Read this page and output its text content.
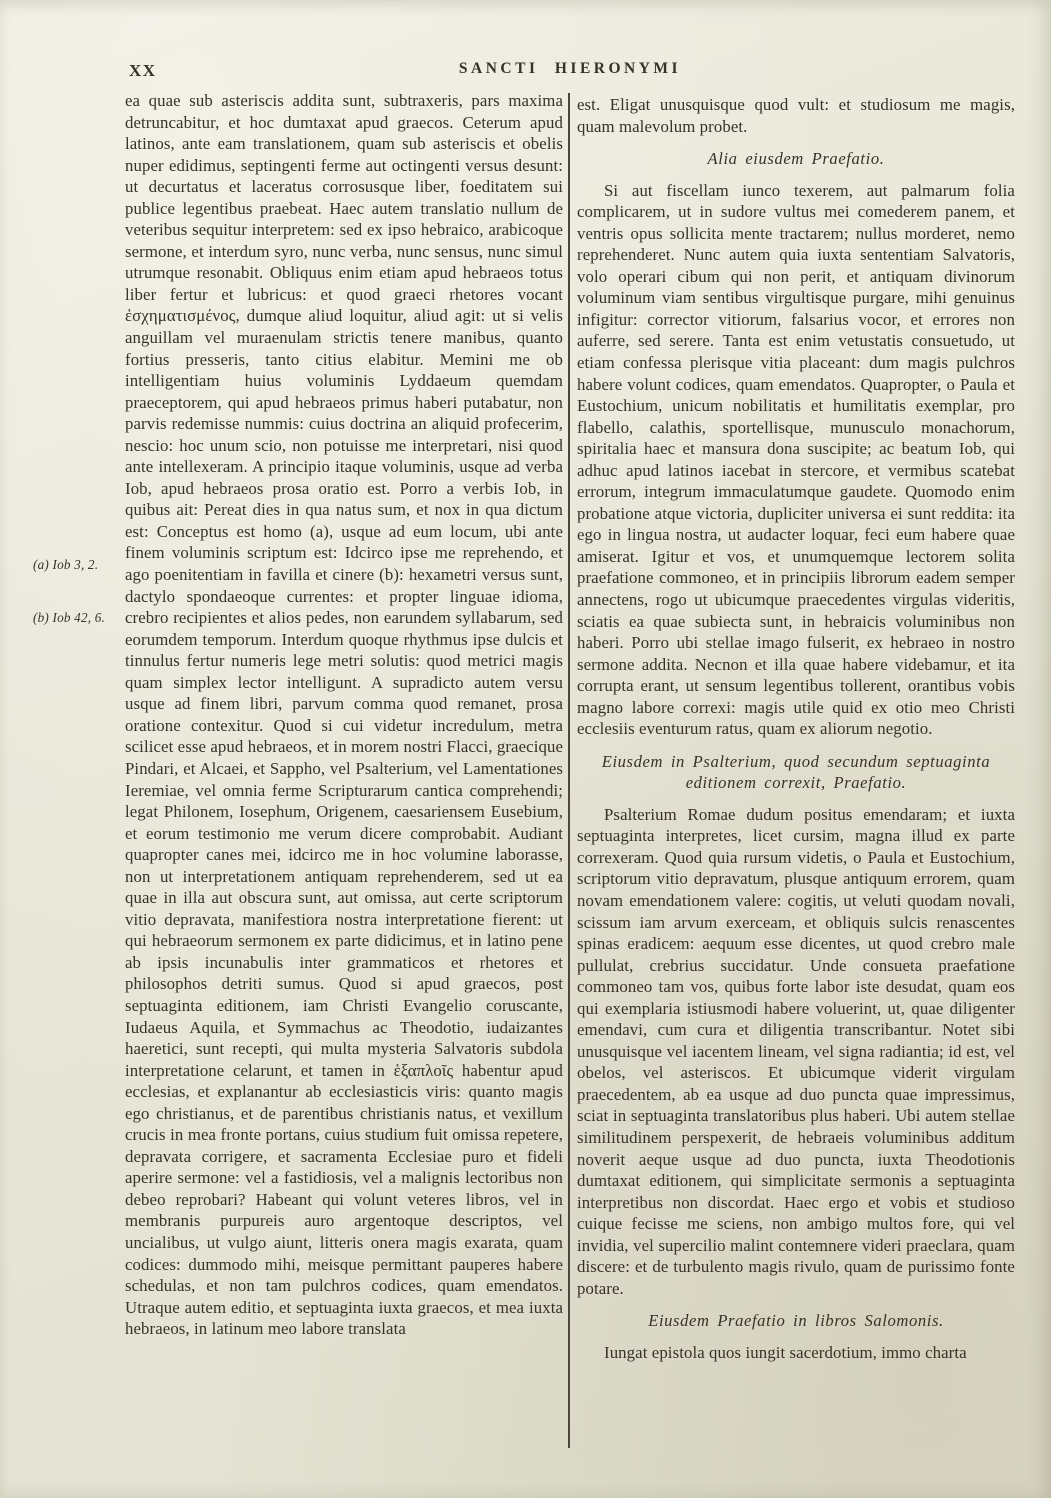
XX	SANCTI HIERONYMI
(a) Iob 3, 2.
(b) Iob 42, 6.

ea quae sub asteriscis addita sunt, subtraxeris, pars maxima detruncabitur, et hoc dumtaxat apud graecos. Ceterum apud latinos, ante eam translationem, quam sub asteriscis et obelis nuper edidimus, septingenti ferme aut octingenti versus desunt: ut decurtatus et laceratus corrosusque liber, foeditatem sui publice legentibus praebeat. Haec autem translatio nullum de veteribus sequitur interpretem: sed ex ipso hebraico, arabicoque sermone, et interdum syro, nunc verba, nunc sensus, nunc simul utrumque resonabit. Obliquus enim etiam apud hebraeos totus liber fertur et lubricus: et quod graeci rhetores vocant ἐσχηματισμένος, dumque aliud loquitur, aliud agit: ut si velis anguillam vel muraenulam strictis tenere manibus, quanto fortius presseris, tanto citius elabitur. Memini me ob intelligentiam huius voluminis Lyddaeum quemdam praeceptorem, qui apud hebraeos primus haberi putabatur, non parvis redemisse nummis: cuius doctrina an aliquid profecerim, nescio: hoc unum scio, non potuisse me interpretari, nisi quod ante intellexeram. A principio itaque voluminis, usque ad verba Iob, apud hebraeos prosa oratio est. Porro a verbis Iob, in quibus ait: Pereat dies in qua natus sum, et nox in qua dictum est: Conceptus est homo (a), usque ad eum locum, ubi ante finem voluminis scriptum est: Idcirco ipse me reprehendo, et ago poenitentiam in favilla et cinere (b): hexametri versus sunt, dactylo spondaeoque currentes: et propter linguae idioma, crebro recipientes et alios pedes, non earundem syllabarum, sed eorumdem temporum. Interdum quoque rhythmus ipse dulcis et tinnulus fertur numeris lege metri solutis: quod metrici magis quam simplex lector intelligunt. A supradicto autem versu usque ad finem libri, parvum comma quod remanet, prosa oratione contexitur. Quod si cui videtur incredulum, metra scilicet esse apud hebraeos, et in morem nostri Flacci, graecique Pindari, et Alcaei, et Sappho, vel Psalterium, vel Lamentationes Ieremiae, vel omnia ferme Scripturarum cantica comprehendi; legat Philonem, Iosephum, Origenem, caesariensem Eusebium, et eorum testimonio me verum dicere comprobabit. Audiant quapropter canes mei, idcirco me in hoc volumine laborasse, non ut interpretationem antiquam reprehenderem, sed ut ea quae in illa aut obscura sunt, aut omissa, aut certe scriptorum vitio depravata, manifestiora nostra interpretatione fierent: ut qui hebraeorum sermonem ex parte didicimus, et in latino pene ab ipsis incunabulis inter grammaticos et rhetores et philosophos detriti sumus. Quod si apud graecos, post septuaginta editionem, iam Christi Evangelio coruscante, Iudaeus Aquila, et Symmachus ac Theodotio, iudaizantes haeretici, sunt recepti, qui multa mysteria Salvatoris subdola interpretatione celarunt, et tamen in ἑξαπλοῖς habentur apud ecclesias, et explanantur ab ecclesiasticis viris: quanto magis ego christianus, et de parentibus christianis natus, et vexillum crucis in mea fronte portans, cuius studium fuit omissa repetere, depravata corrigere, et sacramenta Ecclesiae puro et fideli aperire sermone: vel a fastidiosis, vel a malignis lectoribus non debeo reprobari? Habeant qui volunt veteres libros, vel in membranis purpureis auro argentoque descriptos, vel uncialibus, ut vulgo aiunt, litteris onera magis exarata, quam codices: dummodo mihi, meisque permittant pauperes habere schedulas, et non tam pulchros codices, quam emendatos. Utraque autem editio, et septuaginta iuxta graecos, et mea iuxta hebraeos, in latinum meo labore translata

est. Eligat unusquisque quod vult: et studiosum me magis, quam malevolum probet.

Alia eiusdem Praefatio.

Si aut fiscellam iunco texerem, aut palmarum folia complicarem, ut in sudore vultus mei comederem panem, et ventris opus sollicita mente tractarem; nullus morderet, nemo reprehenderet. Nunc autem quia iuxta sententiam Salvatoris, volo operari cibum qui non perit, et antiquam divinorum voluminum viam sentibus virgultisque purgare, mihi genuinus infigitur: corrector vitiorum, falsarius vocor, et errores non auferre, sed serere. Tanta est enim vetustatis consuetudo, ut etiam confessa plerisque vitia placeant: dum magis pulchros habere volunt codices, quam emendatos. Quapropter, o Paula et Eustochium, unicum nobilitatis et humilitatis exemplar, pro flabello, calathis, sportellisque, munusculo monachorum, spiritalia haec et mansura dona suscipite; ac beatum Iob, qui adhuc apud latinos iacebat in stercore, et vermibus scatebat errorum, integrum immaculatumque gaudete. Quomodo enim probatione atque victoria, dupliciter universa ei sunt reddita: ita ego in lingua nostra, ut audacter loquar, feci eum habere quae amiserat. Igitur et vos, et unumquemque lectorem solita praefatione commoneo, et in principiis librorum eadem semper annectens, rogo ut ubicumque praecedentes virgulas videritis, sciatis ea quae subiecta sunt, in hebraicis voluminibus non haberi. Porro ubi stellae imago fulserit, ex hebraeo in nostro sermone addita. Necnon et illa quae habere videbamur, et ita corrupta erant, ut sensum legentibus tollerent, orantibus vobis magno labore correxi: magis utile quid ex otio meo Christi ecclesiis eventurum ratus, quam ex aliorum negotio.

Eiusdem in Psalterium, quod secundum septuaginta editionem correxit, Praefatio.

Psalterium Romae dudum positus emendaram; et iuxta septuaginta interpretes, licet cursim, magna illud ex parte correxeram. Quod quia rursum videtis, o Paula et Eustochium, scriptorum vitio depravatum, plusque antiquum errorem, quam novam emendationem valere: cogitis, ut veluti quodam novali, scissum iam arvum exerceam, et obliquis sulcis renascentes spinas eradicem: aequum esse dicentes, ut quod crebro male pullulat, crebrius succidatur. Unde consueta praefatione commoneo tam vos, quibus forte labor iste desudat, quam eos qui exemplaria istiusmodi habere voluerint, ut, quae diligenter emendavi, cum cura et diligentia transcribantur. Notet sibi unusquisque vel iacentem lineam, vel signa radiantia; id est, vel obelos, vel asteriscos. Et ubicumque viderit virgulam praecedentem, ab ea usque ad duo puncta quae impressimus, sciat in septuaginta translatoribus plus haberi. Ubi autem stellae similitudinem perspexerit, de hebraeis voluminibus additum noverit aeque usque ad duo puncta, iuxta Theodotionis dumtaxat editionem, qui simplicitate sermonis a septuaginta interpretibus non discordat. Haec ergo et vobis et studioso cuique fecisse me sciens, non ambigo multos fore, qui vel invidia, vel supercilio malint contemnere videri praeclara, quam discere: et de turbulento magis rivulo, quam de purissimo fonte potare.

Eiusdem Praefatio in libros Salomonis.

Iungat epistola quos iungit sacerdotium, immo charta
